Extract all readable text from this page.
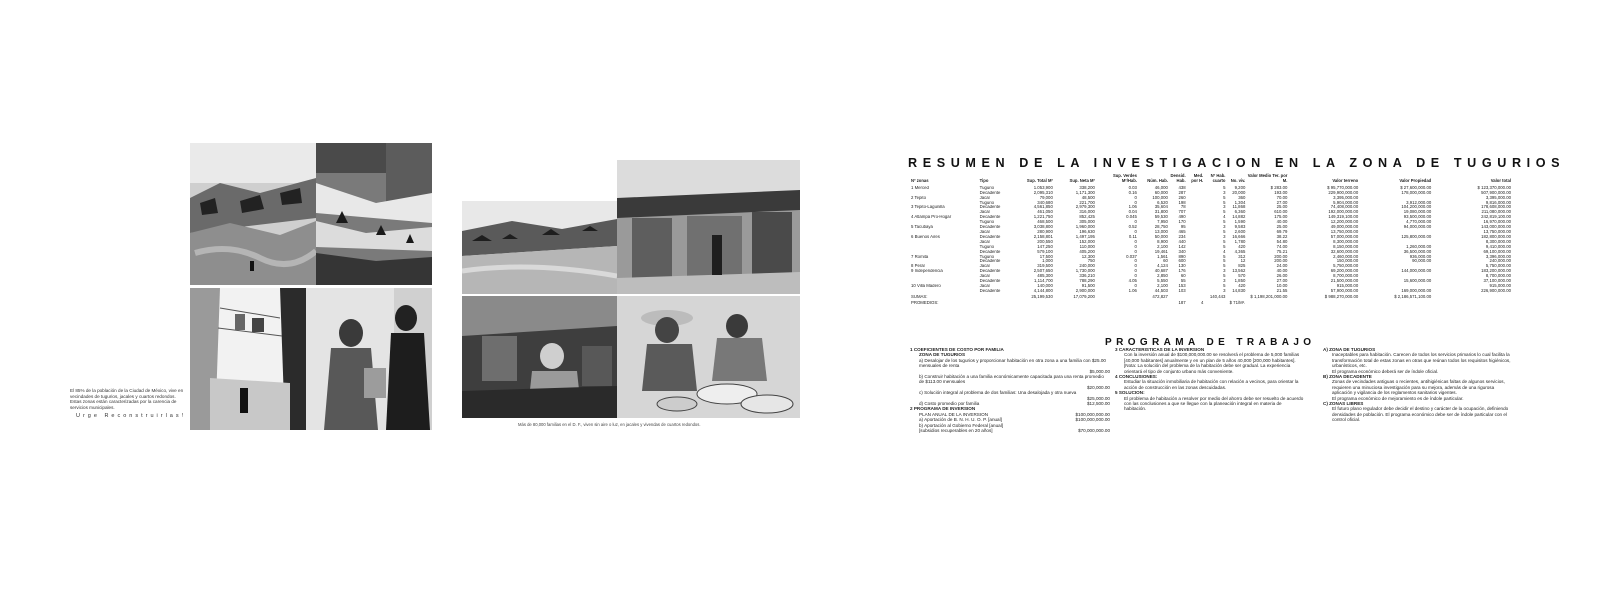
El 85% de la población de la Ciudad de México, vive en vecindades de tugurios, jacales y cuartos redondos. Estas zonas están caracterizadas por la carencia de servicios municipales.
Urge Reconstruirlas!
Más de 80,000 familias en el D. F., viven sin aire o luz, en jacales y vivendas de cuartos redondos.
RESUMEN DE LA INVESTIGACION EN LA ZONA DE TUGURIOS
Nº zonas	Tipo	Sup. Total M²	Sup. Neta M²	Sup. Verdes M²/Hab.	Núm. Hab.	Densid. Hab.	Med. por H.	Nº Hab. cuarto	No. viv.	Valor Medio Ter. por M.	Valor terreno	Valor Propiedad	Valor total
1 Merced	Tugurio	1.053,900	338,200	0.03	46,000	438		5	9,200	$ 283.00	$ 95,770,000.00	$ 27,600,000.00	$ 123,370,000.00
	Decadente	2,095,310	1,171,300	0.16	60,000	287		3	20,000	193.00	229,900,000.00	178,000,000.00	507,900,000.00
2 Tepito	Jacal	79,000	48,500	0	100,000	260		5	360	70.00	3,395,000.00		3,395,000.00
	Tugurio	340,680	221,700	0	6,520	198		5	1,304	27.00	5,904,000.00	3,912,000.00	9,816,000.00
3 Tepito-Lagunilla	Decadente	4,561,850	2,979,300	1.06	35,604	78		3	11,868	25.00	74,408,000.00	104,200,000.00	178,608,000.00
	Jacal	461,050	316,000	0.04	31,800	707		5	6,360	610.00	192,000,000.00	19,080,000.00	211,080,000.00
4 Atlampa Pro-Hogar	Decadente	1,221,750	852,425	0.045	59,530	490		4	14,882	175.00	149,319,100.00	93,500,000.00	242,819,100.00
	Tugurio	468,500	305,000	0	7,950	170		5	1,590	40.00	12,200,000.00	4,770,000.00	16,970,000.00
5 Tacubaya	Decadente	3,038,800	1,960,000	0.52	28,750	95		3	9,583	25.00	49,000,000.00	94,000,000.00	143,000,000.00
	Jacal	280,900	196,630	0	13,000	465		5	2,600	69.79	13,750,000.00		13,750,000.00
6 Buenos Aires	Decadente	2,158,801	1,497,195	0.11	50,000	234		3	16,666	38.22	57,000,000.00	125,800,000.00	182,800,000.00
	Jacal	200,550	152,000	0	8,900	440		5	1,780	54.80	8,300,000.00		8,300,000.00
	Tugurio	147,250	110,000	0	2,100	142		5	420	74.00	8,150,000.00	1,260,000.00	9,410,000.00
	Decadente	579,100	405,200	0	19,461	340		4	4,365	75.21	32,600,000.00	36,500,000.00	69,100,000.00
7 Romita	Tugurio	17,500	12,300	0.037	1,561	890		5	312	200.00	2,460,000.00	936,000.00	3,396,000.00
	Decadente	1,000	750	0	60	600		5	12	200.00	150,000.00	90,000.00	240,000.00
8 Peral	Jacal	319,500	240,000	0	4,124	130		5	825	24.00	5,750,000.00		5,750,000.00
9 Independencia	Decadente	2,507,650	1,730,000	0	40,687	176		3	13,562	40.00	69,200,000.00	144,000,000.00	183,200,000.00
	Jacal	485,300	336,210	0	2,850	60		5	570	26.00	8,700,000.00		8,700,000.00
	Decadente	1,114,700	788,290	4.05	5,550	55		3	1,850	27.00	21,500,000.00	15,600,000.00	37,100,000.00
10 Villa Madero	Jacal	140,000	91,500	0	2,100	153		5	420	10.00	915,000.00		915,000.00
	Decadente	4,144,800	2,900,000	1.06	44,503	103		3	14,830	21.55	57,900,000.00	169,000,000.00	226,900,000.00
SUMAS:		25,199,530	17,079,200		472,827			140,443		$ 1,198,201,000.00	$ 988,270,000.00	$ 2,186,571,100.00	
PROMEDIOS:						187	4		$ 71/M².				
PROGRAMA DE TRABAJO

1 COEFICIENTES DE COSTO POR FAMILIA

ZONA DE TUGURIOS

a) Desalojar de los tugurios y proporcionar habitación en otra zona a una familia con $25.00 mensuales de renta

$5,000.00

b) Construir habitación a una familia económicamente capacitada para una renta promedio de $113.00 mensuales

$20,000.00

c) Solución integral al problema de dos familias: Una desalojada y otra nueva

$25,000.00

d) Costo promedio por familia	$12,500.00

2 PROGRAMA DE INVERSION

PLAN ANUAL DE LA INVERSION	$100,000,000.00
a) Aportación de B. N. H. U. O. P. [anual]	$100,000,000.00

b) Aportación al Gobierno Federal [anual]

[subsidios recuperables en 20 años]	$70,000,000.00

3 CARACTERISTICAS DE LA INVERSION

Con la inversión anual de $100,000,000.00 se resolverá el problema de 5,000 familias [40,000 habitantes] anualmente y en un plan de 5 años 40,000 [200,000 habitantes].

[Nota: La solución del problema de la habitación debe ser gradual. La experiencia orientará el tipo de conjunto urbano más conveniente.

4 CONCLUSIONES:

Estudiar la situación inmobiliaria de habitación con relación a vecinos, para orientar la acción de construcción en las zonas descuidadas.

5 SOLUCION:

El problema de habitación a resolver por medio del ahorro debe ser resuelto de acuerdo con las conclusiones a que se llegue con la planeación integral en materia de habitación.

A) ZONA DE TUGURIOS

Inaceptables para habitación. Carecen de todos los servicios primarios lo cual facilita la transformación total de estas zonas en otras que reúnan todos los requisitos higiénicos, urbanísticos, etc.

El programa económico deberá ser de índole oficial.

B) ZONA DECADENTE

Zonas de vecindades antiguas o recientes, antihigiénicas faltas de algunos servicios, requieren una minuciosa investigación para su mejora, además de una rigurosa aplicación y vigilancia de los reglamentos sanitarios vigentes.

El programa económico de mejoramiento es de índole particular.

C) ZONAS LIBRES

El futuro plano regulador debe decidir el destino y carácter de la ocupación, definiendo densidades de población. El programa económico debe ser de índole particular con el control oficial.
